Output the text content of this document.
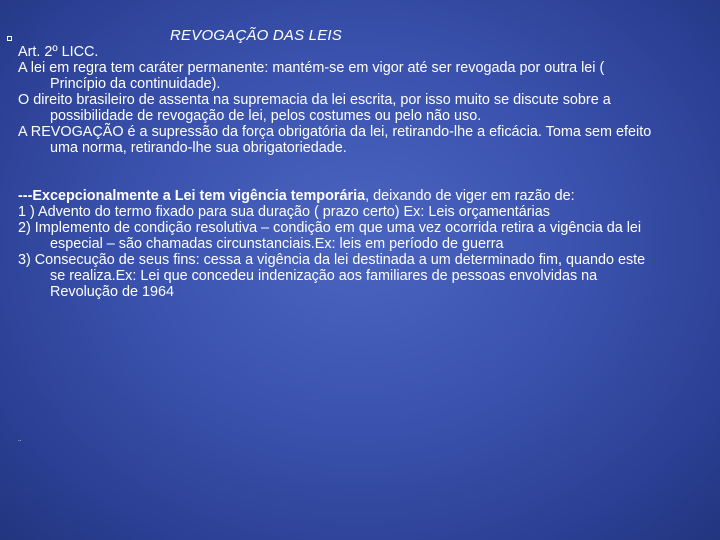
REVOGAÇÃO DAS LEIS

Art. 2º LICC.

A lei em regra tem caráter permanente: mantém-se em vigor até ser revogada por outra lei ( Princípio da continuidade).

O direito brasileiro de assenta na supremacia da lei escrita, por isso muito se discute sobre a possibilidade de revogação de lei, pelos costumes ou pelo não uso.

A REVOGAÇÃO é a supressão da força obrigatória da lei, retirando-lhe a eficácia. Toma sem efeito uma norma, retirando-lhe sua obrigatoriedade.

---Excepcionalmente a Lei tem vigência temporária, deixando de viger em razão de:

1 ) Advento do termo fixado para sua duração ( prazo certo) Ex: Leis orçamentárias

2) Implemento de condição resolutiva – condição em que uma vez ocorrida retira a vigência da lei especial – são chamadas circunstanciais.Ex: leis em período de guerra

3) Consecução de seus fins: cessa a vigência da lei destinada a um determinado fim, quando este se realiza.Ex: Lei que concedeu indenização aos familiares de pessoas envolvidas na Revolução de 1964

..
